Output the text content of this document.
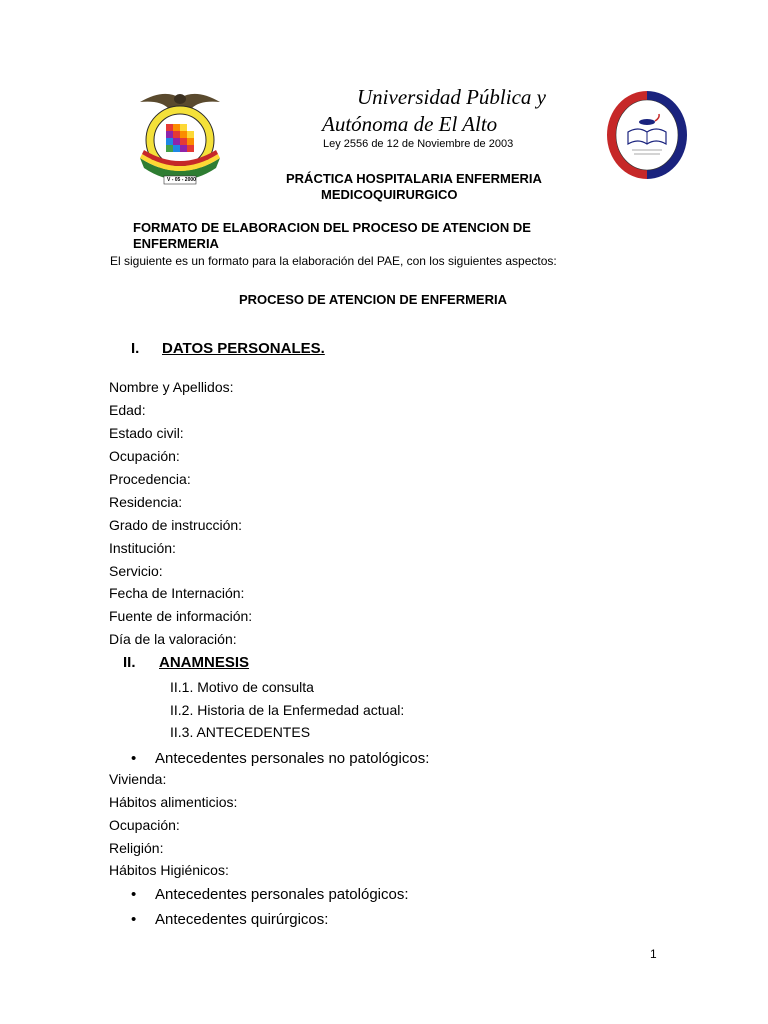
V - 05 - 2000
Universidad Pública y
Autónoma de El Alto
Ley 2556 de 12 de Noviembre de 2003
PRÁCTICA HOSPITALARIA ENFERMERIA
MEDICOQUIRURGICO
FORMATO DE ELABORACION DEL PROCESO DE ATENCION DE
ENFERMERIA
El siguiente es un formato para la elaboración del PAE, con los siguientes aspectos:
PROCESO DE ATENCION DE ENFERMERIA
I. DATOS PERSONALES.
Nombre y Apellidos:
Edad:
Estado civil:
Ocupación:
Procedencia:
Residencia:
Grado de instrucción:
Institución:
Servicio:
Fecha de Internación:
Fuente de información:
Día de la valoración:
II. ANAMNESIS
II.1. Motivo de consulta
II.2. Historia de la Enfermedad actual:
II.3. ANTECEDENTES
• Antecedentes personales no patológicos:
Vivienda:
Hábitos alimenticios:
Ocupación:
Religión:
Hábitos Higiénicos:
• Antecedentes personales patológicos:
• Antecedentes quirúrgicos:
1
